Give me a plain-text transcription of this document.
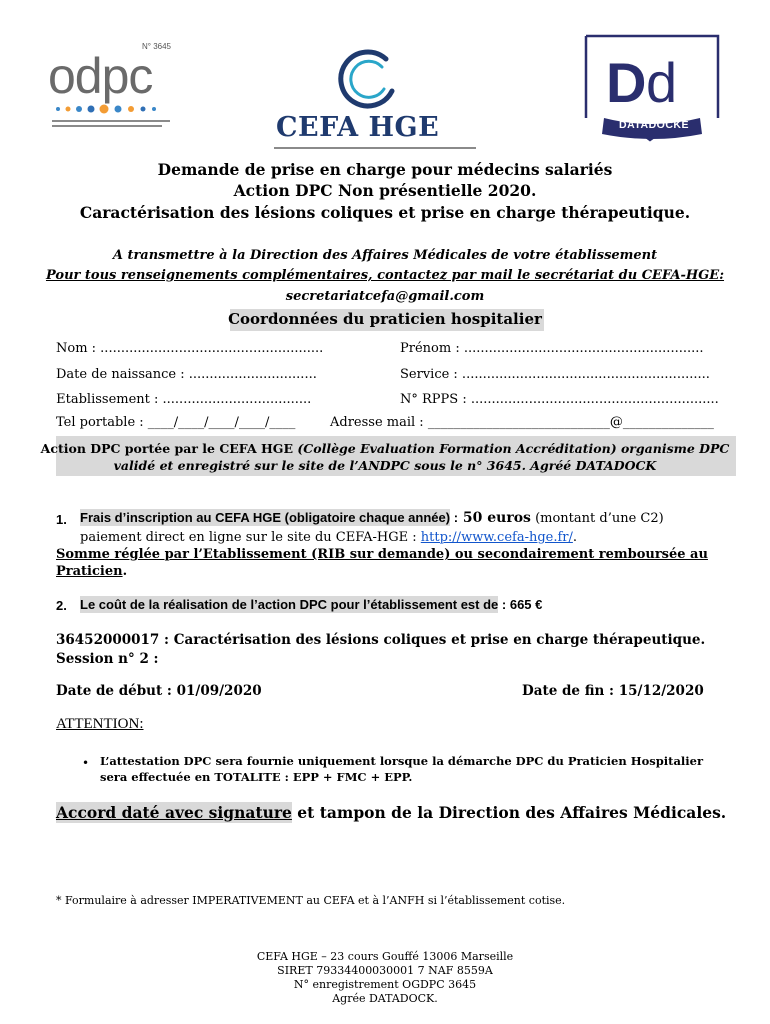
N° 3645
odpc
CEFA HGE
D d
DATADOCKÉ
Demande de prise en charge pour médecins salariés
Action DPC Non présentielle 2020.
Caractérisation des lésions coliques et prise en charge thérapeutique.
A transmettre à la Direction des Affaires Médicales de votre établissement
Pour tous renseignements complémentaires, contactez par mail le secrétariat du CEFA-HGE:
secretariatcefa@gmail.com
Coordonnées du praticien hospitalier
Nom : ......................................................	Prénom : ..........................................................
Date de naissance : ...............................	Service : ............................................................
Etablissement : ....................................	N° RPPS : ............................................................
Tel portable : ____/____/____/____/____	Adresse mail : ____________________________@______________
Action DPC portée par le CEFA HGE (Collège Evaluation Formation Accréditation) organisme DPC
validé et enregistré sur le site de l’ANDPC sous le n° 3645. Agréé DATADOCK
1. Frais d’inscription au CEFA HGE (obligatoire chaque année) : 50 euros (montant d’une C2)
paiement direct en ligne sur le site du CEFA-HGE : http://www.cefa-hge.fr/.
Somme réglée par l’Etablissement (RIB sur demande) ou secondairement remboursée au
Praticien.
2. Le coût de la réalisation de l’action DPC pour l’établissement est de : 665 €
36452000017 : Caractérisation des lésions coliques et prise en charge thérapeutique.
Session n° 2 :
Date de début : 01/09/2020	Date de fin : 15/12/2020
ATTENTION:
• L’attestation DPC sera fournie uniquement lorsque la démarche DPC du Praticien Hospitalier
sera effectuée en TOTALITE : EPP + FMC + EPP.
Accord daté avec signature et tampon de la Direction des Affaires Médicales.
* Formulaire à adresser IMPERATIVEMENT au CEFA et à l’ANFH si l’établissement cotise.
CEFA HGE – 23 cours Gouffé 13006 Marseille
SIRET 79334400030001 7 NAF 8559A
N° enregistrement OGDPC 3645
Agrée DATADOCK.
